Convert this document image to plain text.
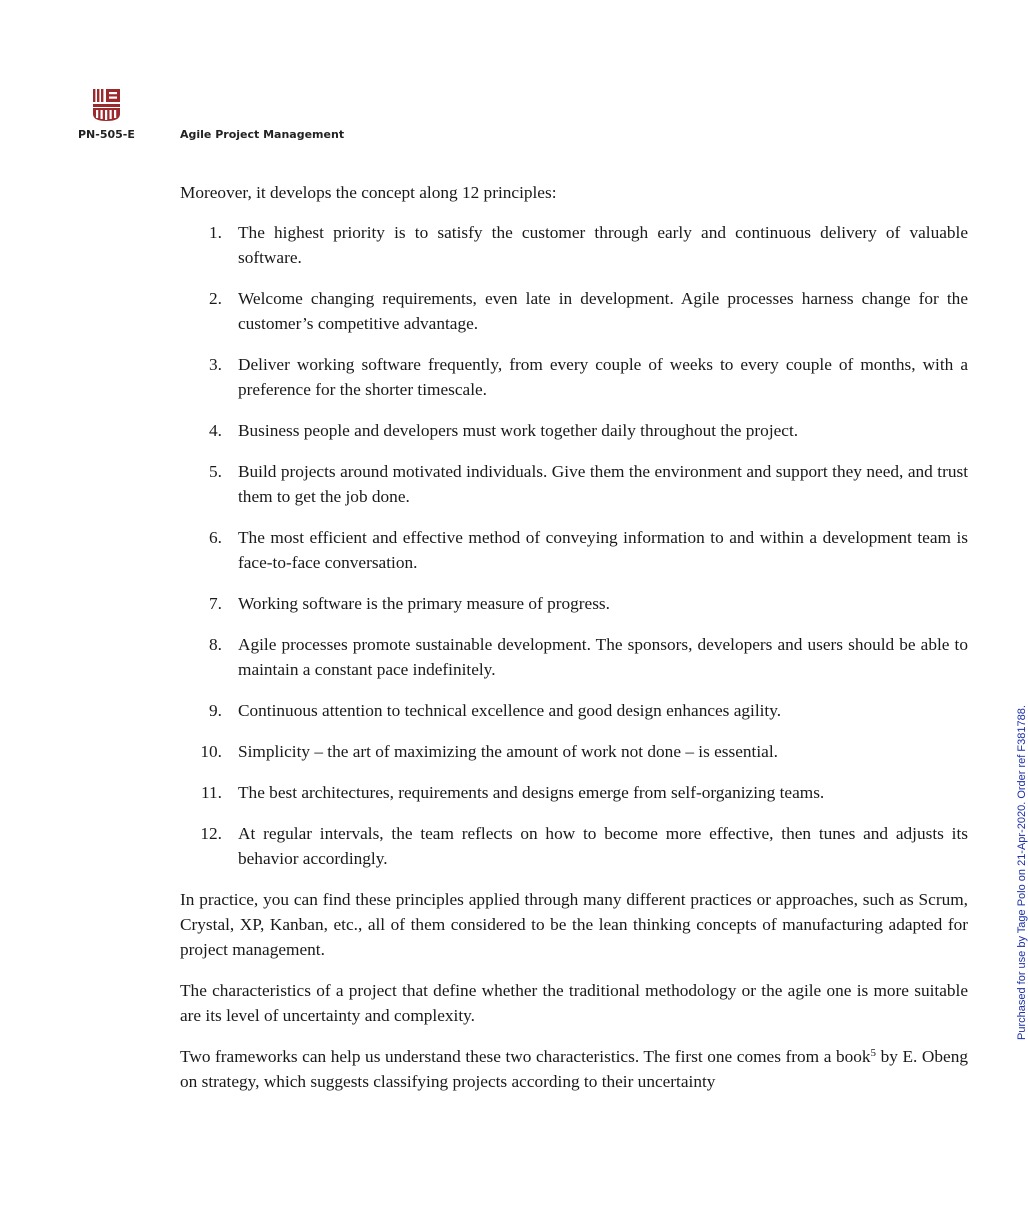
PN-505-E	Agile Project Management

Moreover, it develops the concept along 12 principles:

1. The highest priority is to satisfy the customer through early and continuous delivery of valuable software.
2. Welcome changing requirements, even late in development. Agile processes harness change for the customer’s competitive advantage.
3. Deliver working software frequently, from every couple of weeks to every couple of months, with a preference for the shorter timescale.
4. Business people and developers must work together daily throughout the project.
5. Build projects around motivated individuals. Give them the environment and support they need, and trust them to get the job done.
6. The most efficient and effective method of conveying information to and within a development team is face-to-face conversation.
7. Working software is the primary measure of progress.
8. Agile processes promote sustainable development. The sponsors, developers and users should be able to maintain a constant pace indefinitely.
9. Continuous attention to technical excellence and good design enhances agility.
10. Simplicity – the art of maximizing the amount of work not done – is essential.
11. The best architectures, requirements and designs emerge from self-organizing teams.
12. At regular intervals, the team reflects on how to become more effective, then tunes and adjusts its behavior accordingly.

In practice, you can find these principles applied through many different practices or approaches, such as Scrum, Crystal, XP, Kanban, etc., all of them considered to be the lean thinking concepts of manufacturing adapted for project management.

The characteristics of a project that define whether the traditional methodology or the agile one is more suitable are its level of uncertainty and complexity.

Two frameworks can help us understand these two characteristics. The first one comes from a book$^5$ by E. Obeng on strategy, which suggests classifying projects according to their uncertainty

Purchased for use by Tage Polo on 21-Apr-2020. Order ref F381788.
